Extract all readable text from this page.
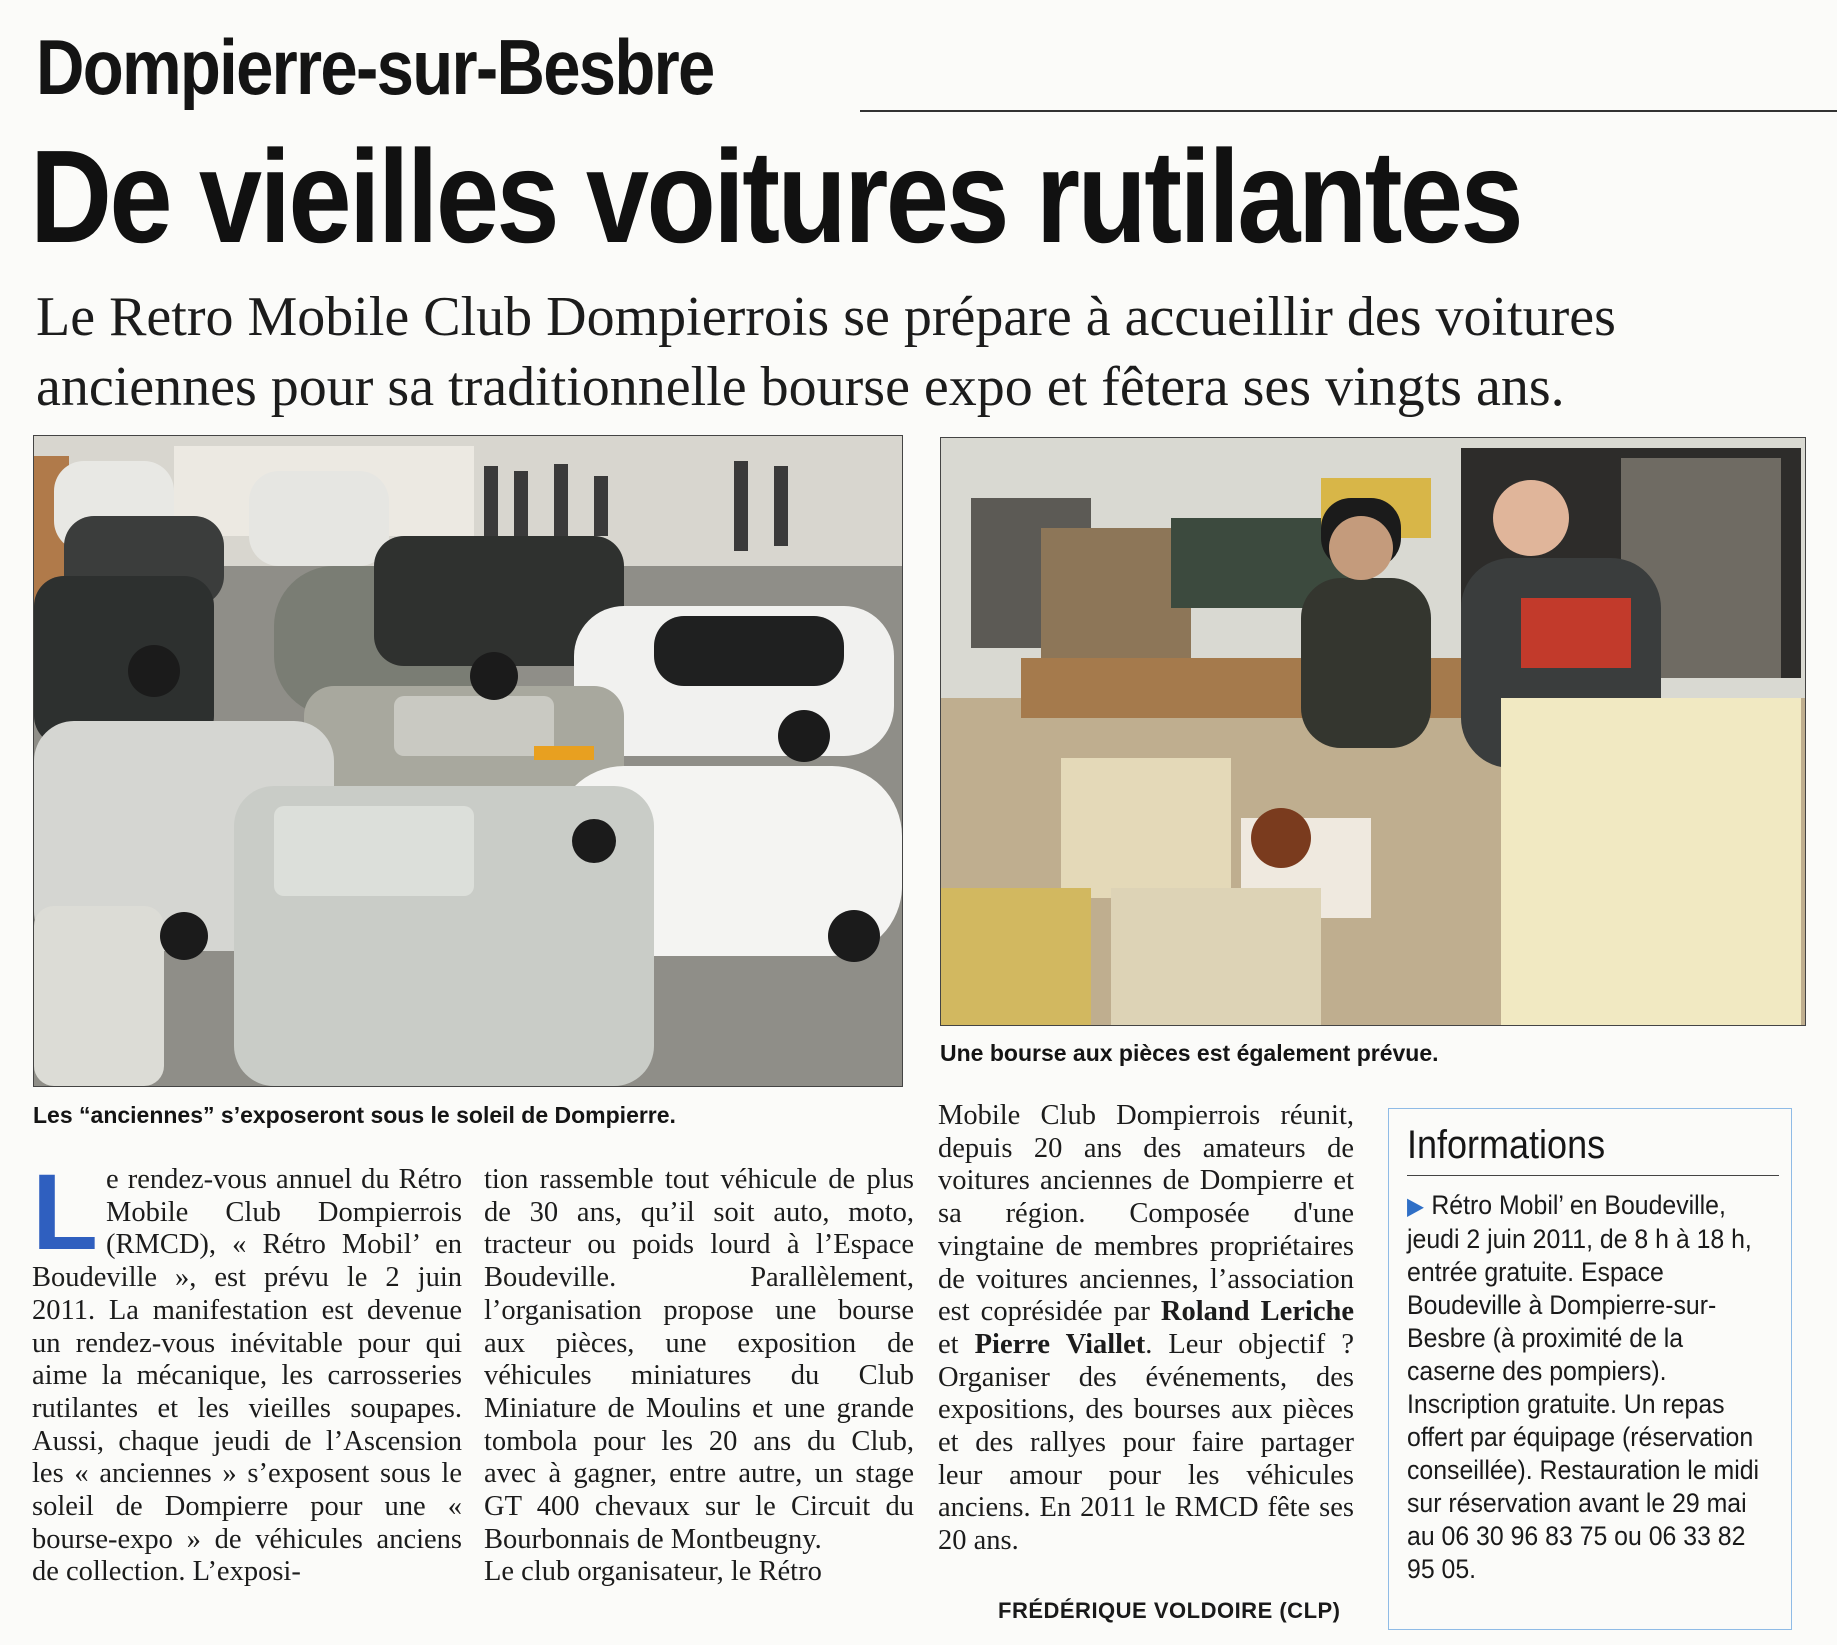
Dompierre-sur-Besbre
De vieilles voitures rutilantes
Le Retro Mobile Club Dompierrois se prépare à accueillir des voitures
anciennes pour sa traditionnelle bourse expo et fêtera ses vingts ans.
Les “anciennes” s’exposeront sous le soleil de Dompierre.
Une bourse aux pièces est également prévue.

Le rendez-vous annuel du Rétro Mobile Club Dompierrois (RMCD), « Rétro Mobil’ en Boudeville », est prévu le 2 juin 2011. La manifestation est devenue un rendez-vous inévitable pour qui aime la mécanique, les carrosseries rutilantes et les vieilles soupapes. Aussi, chaque jeudi de l’Ascension les « anciennes » s’exposent sous le soleil de Dompierre pour une « bourse-expo » de véhicules anciens de collection. L’exposi-

tion rassemble tout véhicule de plus de 30 ans, qu’il soit auto, moto, tracteur ou poids lourd à l’Espace Boudeville. Parallèlement, l’organisation propose une bourse aux pièces, une exposition de véhicules miniatures du Club Miniature de Moulins et une grande tombola pour les 20 ans du Club, avec à gagner, entre autre, un stage GT 400 chevaux sur le Circuit du Bourbonnais de Montbeugny.

Le club organisateur, le Rétro

Mobile Club Dompierrois réunit, depuis 20 ans des amateurs de voitures anciennes de Dompierre et sa région. Composée d'une vingtaine de membres propriétaires de voitures anciennes, l’association est coprésidée par Roland Leriche et Pierre Viallet. Leur objectif ? Organiser des événements, des expositions, des bourses aux pièces et des rallyes pour faire partager leur amour pour les véhicules anciens. En 2011 le RMCD fête ses 20 ans.

FRÉDÉRIQUE VOLDOIRE (CLP)
Informations
▶ Rétro Mobil’ en Boudeville, jeudi 2 juin 2011, de 8 h à 18 h, entrée gratuite. Espace Boudeville à Dompierre-sur-Besbre (à proximité de la caserne des pompiers). Inscription gratuite. Un repas offert par équipage (réservation conseillée). Restauration le midi sur réservation avant le 29 mai au 06 30 96 83 75 ou 06 33 82 95 05.
